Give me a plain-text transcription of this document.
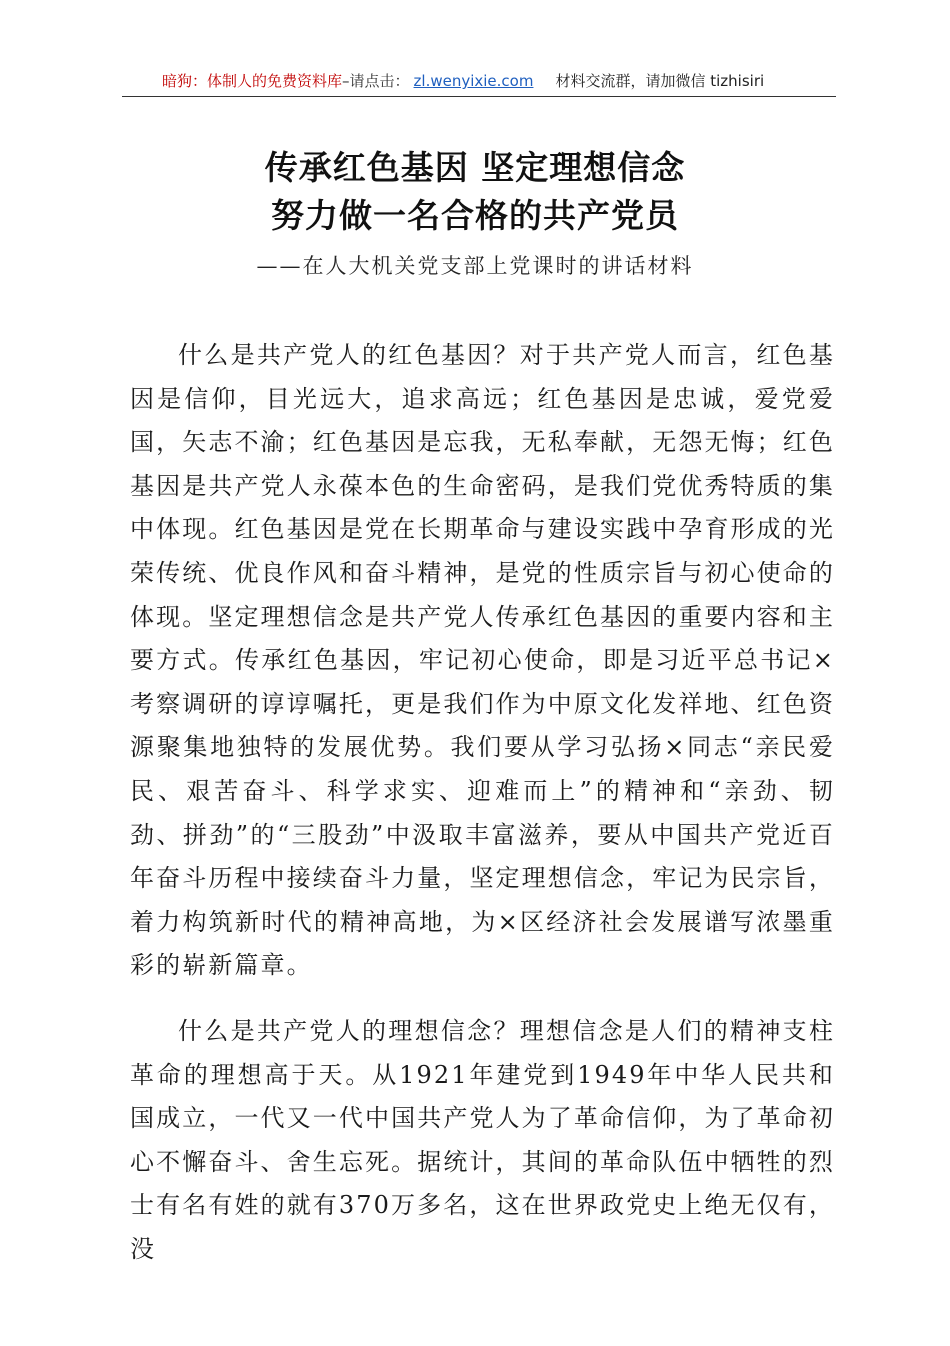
暗狗：体制人的免费资料库 –请点击： zl.wenyixie.com 材料交流群，请加微信 tizhisiri
传承红色基因 坚定理想信念
努力做一名合格的共产党员
——在人大机关党支部上党课时的讲话材料

什么是共产党人的红色基因？对于共产党人而言，红色基因是信仰，目光远大，追求高远；红色基因是忠诚，爱党爱国，矢志不渝；红色基因是忘我，无私奉献，无怨无悔；红色基因是共产党人永葆本色的生命密码，是我们党优秀特质的集中体现。红色基因是党在长期革命与建设实践中孕育形成的光荣传统、优良作风和奋斗精神，是党的性质宗旨与初心使命的体现。坚定理想信念是共产党人传承红色基因的重要内容和主要方式。传承红色基因，牢记初心使命，即是习近平总书记×考察调研的谆谆嘱托，更是我们作为中原文化发祥地、红色资源聚集地独特的发展优势。我们要从学习弘扬×同志“亲民爱民、艰苦奋斗、科学求实、迎难而上”的精神和“亲劲、韧劲、拼劲”的“三股劲”中汲取丰富滋养，要从中国共产党近百年奋斗历程中接续奋斗力量，坚定理想信念，牢记为民宗旨，着力构筑新时代的精神高地，为×区经济社会发展谱写浓墨重彩的崭新篇章。

什么是共产党人的理想信念？理想信念是人们的精神支柱革命的理想高于天。从1921年建党到1949年中华人民共和国成立，一代又一代中国共产党人为了革命信仰，为了革命初心不懈奋斗、舍生忘死。据统计，其间的革命队伍中牺牲的烈士有名有姓的就有370万多名，这在世界政党史上绝无仅有，没
